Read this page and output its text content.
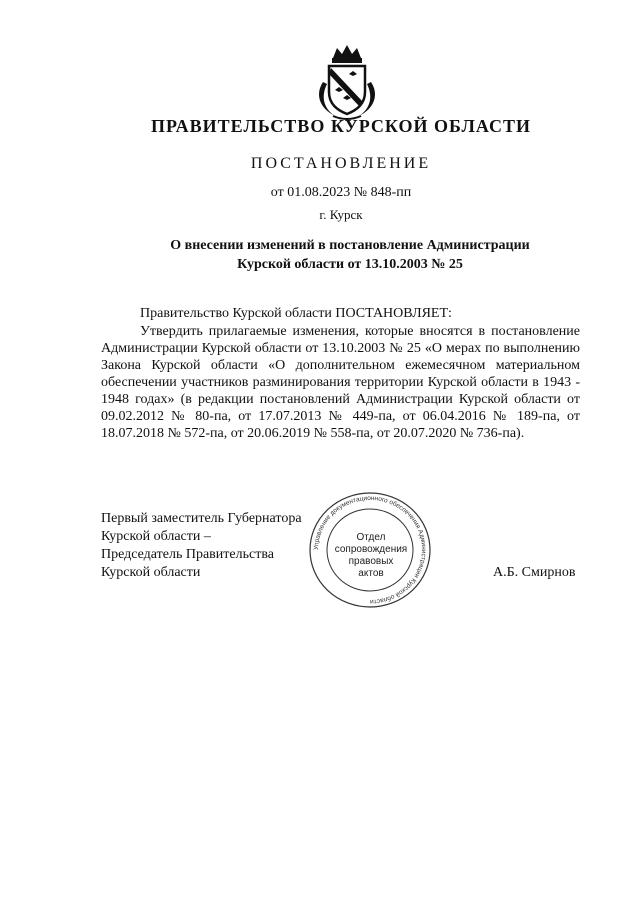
ПРАВИТЕЛЬСТВО КУРСКОЙ ОБЛАСТИ
ПОСТАНОВЛЕНИЕ
от 01.08.2023 № 848-пп
г. Курск
О внесении изменений в постановление Администрации
Курской области от 13.10.2003 № 25
Правительство Курской области ПОСТАНОВЛЯЕТ:
Утвердить прилагаемые изменения, которые вносятся в постановление Администрации Курской области от 13.10.2003 № 25 «О мерах по выполнению Закона Курской области «О дополнительном ежемесячном материальном обеспечении участников разминирования территории Курской области в 1943 - 1948 годах» (в редакции постановлений Администрации Курской области от 09.02.2012 № 80-па, от 17.07.2013 № 449-па, от 06.04.2016 № 189-па, от 18.07.2018 № 572-па, от 20.06.2019 № 558-па, от 20.07.2020 № 736-па).
Управление документационного обеспечения Администрации Курской области
Отдел
сопровождения
правовых
актов
Первый заместитель Губернатора
Курской области –
Председатель Правительства
Курской области	А.Б. Смирнов
